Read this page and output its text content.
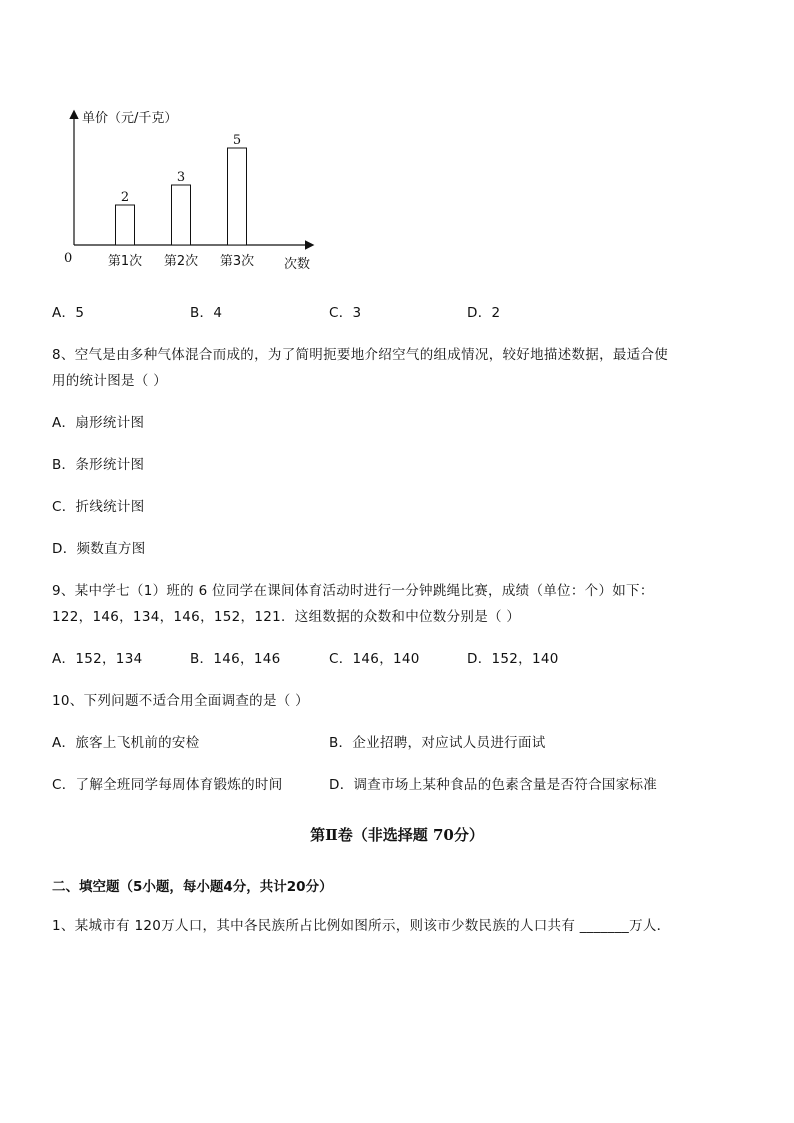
单价（元/千克）
0	次数
2
第1次
3
第2次
5
第3次
A．5	B．4	C．3	D．2
8、空气是由多种气体混合而成的，为了简明扼要地介绍空气的组成情况，较好地描述数据，最适合使
用的统计图是（ ）
A．扇形统计图
B．条形统计图
C．折线统计图
D．频数直方图
9、某中学七（1）班的 6 位同学在课间体育活动时进行一分钟跳绳比赛，成绩（单位：个）如下：
122，146，134，146，152，121．这组数据的众数和中位数分别是（ ）
A．152，134	B．146，146	C．146，140	D．152，140
10、下列问题不适合用全面调查的是（ ）
A．旅客上飞机前的安检	B．企业招聘，对应试人员进行面试
C．了解全班同学每周体育锻炼的时间	D．调查市场上某种食品的色素含量是否符合国家标准
第Ⅱ卷（非选择题 70分）
二、填空题（5小题，每小题4分，共计20分）
1、某城市有 120万人口，其中各民族所占比例如图所示，则该市少数民族的人口共有 _______万人．
